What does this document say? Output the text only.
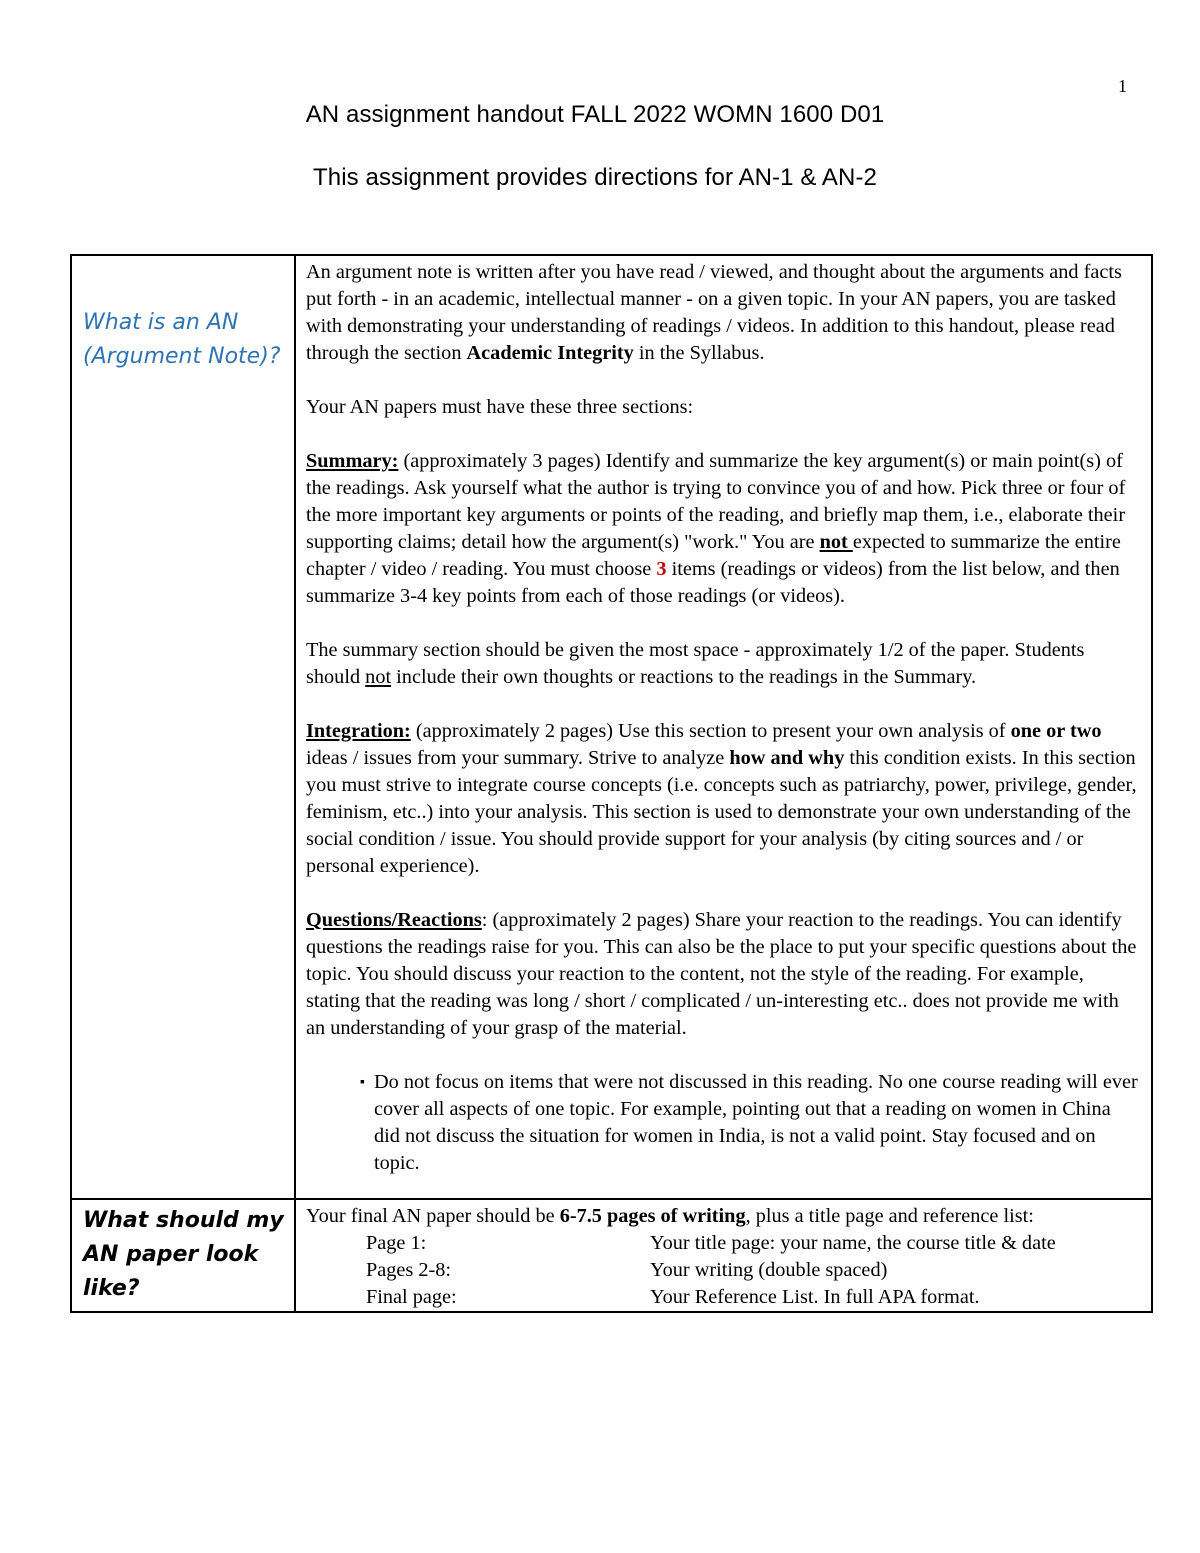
1
AN assignment handout FALL 2022 WOMN 1600 D01
This assignment provides directions for AN-1 & AN-2
What is an AN (Argument Note)?

An argument note is written after you have read / viewed, and thought about the arguments and facts put forth - in an academic, intellectual manner - on a given topic. In your AN papers, you are tasked with demonstrating your understanding of readings / videos. In addition to this handout, please read through the section Academic Integrity in the Syllabus.

Your AN papers must have these three sections:

Summary: (approximately 3 pages) Identify and summarize the key argument(s) or main point(s) of the readings. Ask yourself what the author is trying to convince you of and how. Pick three or four of the more important key arguments or points of the reading, and briefly map them, i.e., elaborate their supporting claims; detail how the argument(s) "work." You are not expected to summarize the entire chapter / video / reading. You must choose 3 items (readings or videos) from the list below, and then summarize 3-4 key points from each of those readings (or videos).

The summary section should be given the most space - approximately 1/2 of the paper. Students should not include their own thoughts or reactions to the readings in the Summary.

Integration: (approximately 2 pages) Use this section to present your own analysis of one or two ideas / issues from your summary. Strive to analyze how and why this condition exists. In this section you must strive to integrate course concepts (i.e. concepts such as patriarchy, power, privilege, gender, feminism, etc..) into your analysis. This section is used to demonstrate your own understanding of the social condition / issue. You should provide support for your analysis (by citing sources and / or personal experience).

Questions/Reactions: (approximately 2 pages) Share your reaction to the readings. You can identify questions the readings raise for you. This can also be the place to put your specific questions about the topic. You should discuss your reaction to the content, not the style of the reading. For example, stating that the reading was long / short / complicated / un-interesting etc.. does not provide me with an understanding of your grasp of the material.

▪ Do not focus on items that were not discussed in this reading. No one course reading will ever cover all aspects of one topic. For example, pointing out that a reading on women in China did not discuss the situation for women in India, is not a valid point. Stay focused and on topic.

What should my AN paper look like?

Your final AN paper should be 6-7.5 pages of writing, plus a title page and reference list:
Page 1:	Your title page: your name, the course title & date
Pages 2-8:	Your writing (double spaced)
Final page:	Your Reference List. In full APA format.
